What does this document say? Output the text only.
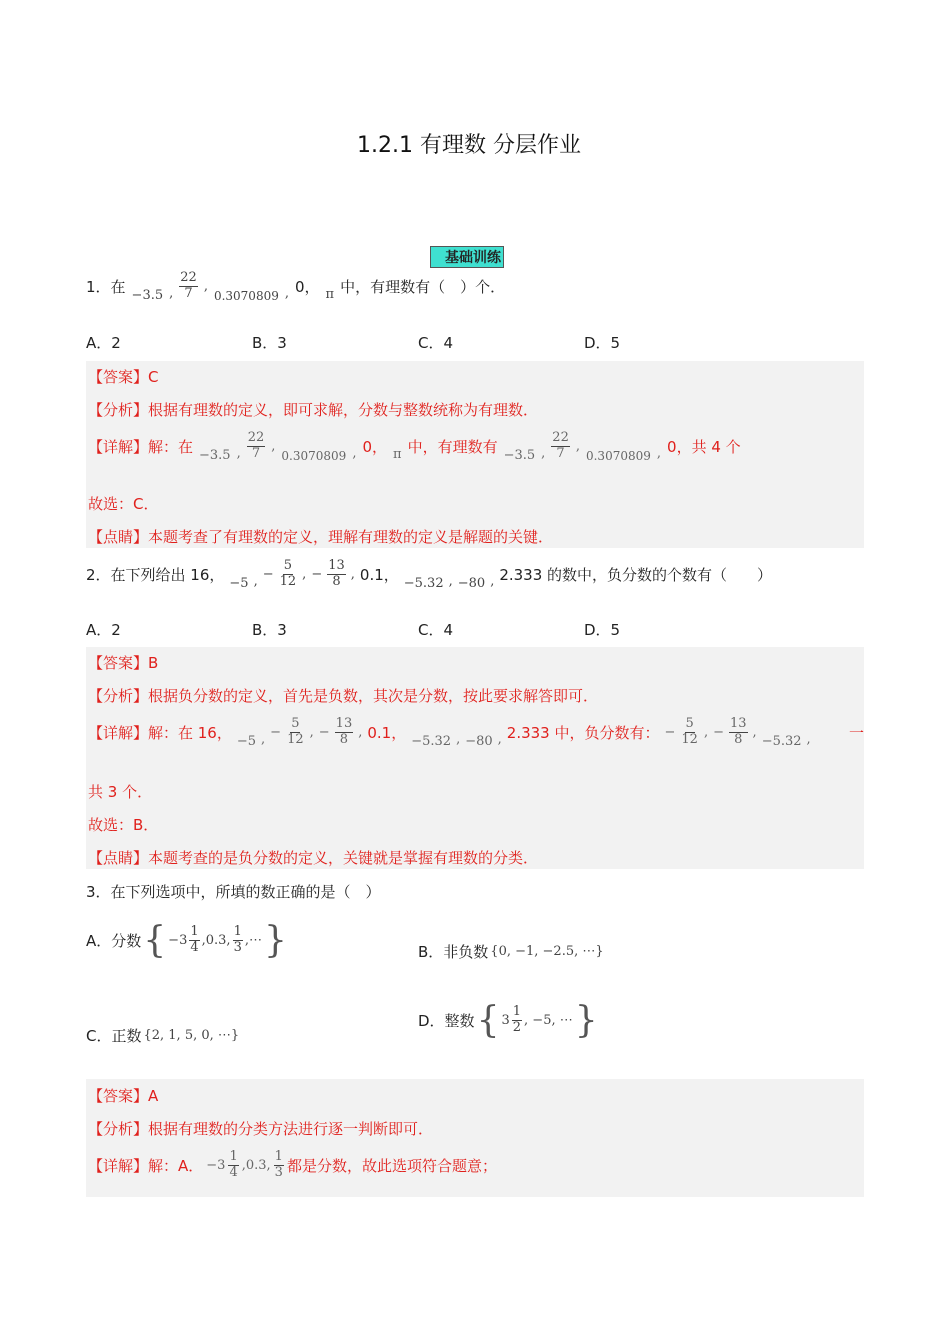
1.2.1 有理数 分层作业
基础训练
1．在 −3.5 , $\frac{22}{7}$ ,
0.3070809 , 0， π 中，有理数有（　）个．
A．2	B．3	C．4	D．5
【答案】C
【分析】根据有理数的定义，即可求解，分数与整数统称为有理数．
【详解】解：在 −3.5 , $\frac{22}{7}$ ,
0.3070809 , 0， π 中，有理数有 −3.5 , $\frac{22}{7}$ ,
0.3070809 , 0，共 4 个
故选：C．
【点睛】本题考查了有理数的定义，理解有理数的定义是解题的关键．
2．在下列给出 16， −5 , − $\frac{5}{12}$ , − $\frac{13}{8}$ , 0.1， −5.32 , −80 , 2.333 的数中，负分数的个数有（　　）
A．2	B．3	C．4	D．5
【答案】B
【分析】根据负分数的定义，首先是负数，其次是分数，按此要求解答即可．
【详解】解：在 16， −5 , − $\frac{5}{12}$ , − $\frac{13}{8}$ , 0.1， −5.32 , −80 , 2.333 中，负分数有： − $\frac{5}{12}$ , − $\frac{13}{8}$ ,
−5.32 ,	一
共 3 个．
故选：B．
【点睛】本题考查的是负分数的定义，关键就是掌握有理数的分类．
3．在下列选项中，所填的数正确的是（　）
A．分数 { $-3 \frac{1}{4} ,0.3$, $\frac{1}{3}$ ,⋯ }	B．非负数 {0, −1, −2.5, ⋯}
C．正数 {2, 1, 5, 0, ⋯}
D．整数 { $3 \frac{1}{2}$ , −5, ⋯ }
【答案】A
【分析】根据有理数的分类方法进行逐一判断即可．
【详解】解：A． $-3 \frac{1}{4} ,0.3$, $\frac{1}{3}$ 都是分数，故此选项符合题意；
